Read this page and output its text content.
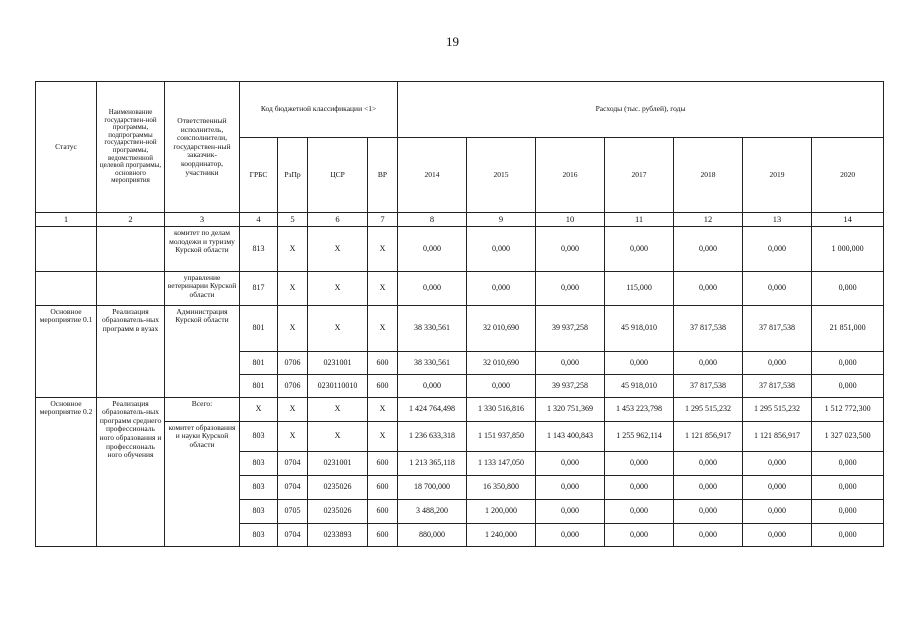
19
Статус	Наименование государствен-ной программы, подпрограммы государствен-ной программы, ведомственной целевой программы, основного мероприятия	Ответственный исполнитель, соисполнители, государствен-ный заказчик-координатор, участники	Код бюджетной классификации <1>				Расходы (тыс. рублей), годы						
			ГРБС	РзПр	ЦСР	ВР	2014	2015	2016	2017	2018	2019	2020
1	2	3	4	5	6	7	8	9	10	11	12	13	14
		комитет по делам молодежи и туризму Курской области	813	X	X	X	0,000	0,000	0,000	0,000	0,000	0,000	1 000,000
		управление ветеринарии Курской области	817	X	X	X	0,000	0,000	0,000	115,000	0,000	0,000	0,000
Основное мероприятие 0.1	Реализация образователь-ных программ в вузах	Администрация Курской области	801	X	X	X	38 330,561	32 010,690	39 937,258	45 918,010	37 817,538	37 817,538	21 851,000
			801	0706	0231001	600	38 330,561	32 010,690	0,000	0,000	0,000	0,000	0,000
			801	0706	0230110010	600	0,000	0,000	39 937,258	45 918,010	37 817,538	37 817,538	0,000
Основное мероприятие 0.2	Реализация образователь-ных программ среднего профессиональ ного образования и профессиональ ного обучения	Всего:	X	X	X	X	1 424 764,498	1 330 516,816	1 320 751,369	1 453 223,798	1 295 515,232	1 295 515,232	1 512 772,300
		комитет образования и науки Курской области	803	X	X	X	1 236 633,318	1 151 937,850	1 143 400,843	1 255 962,114	1 121 856,917	1 121 856,917	1 327 023,500
			803	0704	0231001	600	1 213 365,118	1 133 147,050	0,000	0,000	0,000	0,000	0,000
			803	0704	0235026	600	18 700,000	16 350,800	0,000	0,000	0,000	0,000	0,000
			803	0705	0235026	600	3 488,200	1 200,000	0,000	0,000	0,000	0,000	0,000
			803	0704	0233893	600	880,000	1 240,000	0,000	0,000	0,000	0,000	0,000
